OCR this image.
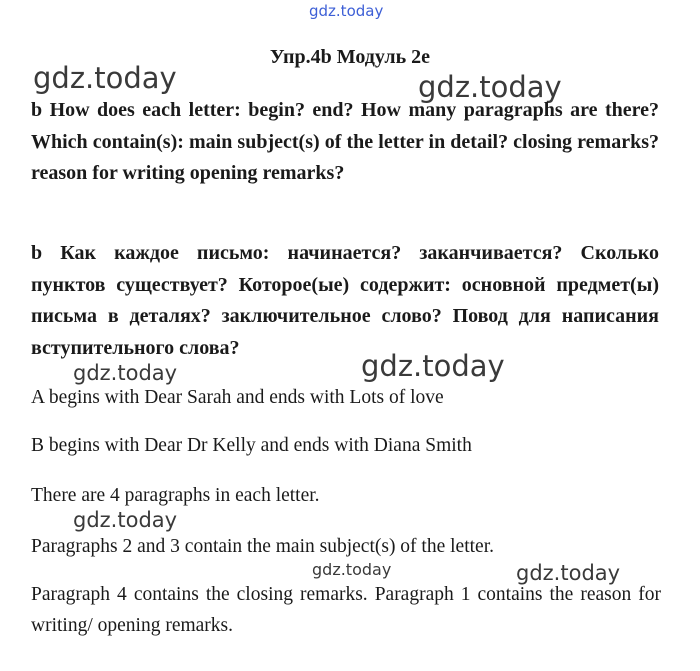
gdz.today
Упр.4b Модуль 2e
gdz.today	gdz.today
b How does each letter: begin? end? How many paragraphs are there? Which contain(s): main subject(s) of the letter in detail? closing remarks? reason for writing opening remarks?
b Как каждое письмо: начинается? заканчивается? Сколько пунктов существует? Которое(ые) содержит: основной предмет(ы) письма в деталях? заключительное слово? Повод для написания вступительного слова?
gdz.today
gdz.today
A begins with Dear Sarah and ends with Lots of love
B begins with Dear Dr Kelly and ends with Diana Smith
There are 4 paragraphs in each letter.
gdz.today
Paragraphs 2 and 3 contain the main subject(s) of the letter.
gdz.today	gdz.today
Paragraph 4 contains the closing remarks. Paragraph 1 contains the reason for writing/ opening remarks.
